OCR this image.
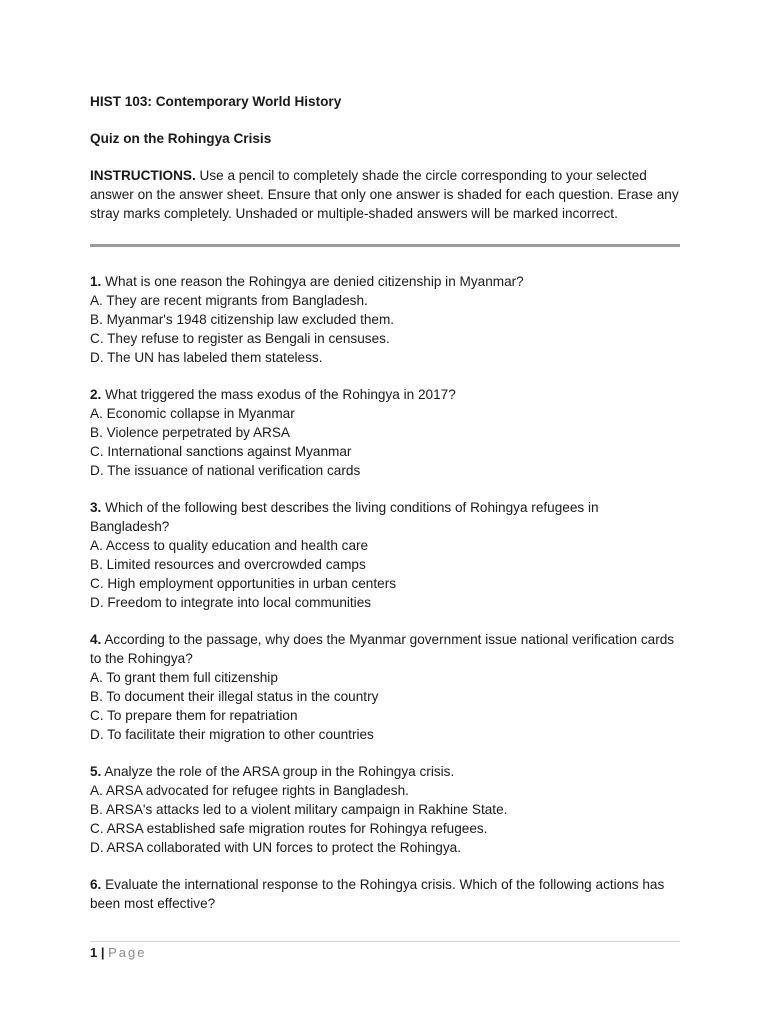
HIST 103: Contemporary World History

Quiz on the Rohingya Crisis

INSTRUCTIONS. Use a pencil to completely shade the circle corresponding to your selected answer on the answer sheet. Ensure that only one answer is shaded for each question. Erase any stray marks completely. Unshaded or multiple-shaded answers will be marked incorrect.

1. What is one reason the Rohingya are denied citizenship in Myanmar?

A. They are recent migrants from Bangladesh.

B. Myanmar's 1948 citizenship law excluded them.

C. They refuse to register as Bengali in censuses.

D. The UN has labeled them stateless.

2. What triggered the mass exodus of the Rohingya in 2017?

A. Economic collapse in Myanmar

B. Violence perpetrated by ARSA

C. International sanctions against Myanmar

D. The issuance of national verification cards

3. Which of the following best describes the living conditions of Rohingya refugees in Bangladesh?

A. Access to quality education and health care

B. Limited resources and overcrowded camps

C. High employment opportunities in urban centers

D. Freedom to integrate into local communities

4. According to the passage, why does the Myanmar government issue national verification cards to the Rohingya?

A. To grant them full citizenship

B. To document their illegal status in the country

C. To prepare them for repatriation

D. To facilitate their migration to other countries

5. Analyze the role of the ARSA group in the Rohingya crisis.

A. ARSA advocated for refugee rights in Bangladesh.

B. ARSA's attacks led to a violent military campaign in Rakhine State.

C. ARSA established safe migration routes for Rohingya refugees.

D. ARSA collaborated with UN forces to protect the Rohingya.

6. Evaluate the international response to the Rohingya crisis. Which of the following actions has been most effective?

1 | Page
